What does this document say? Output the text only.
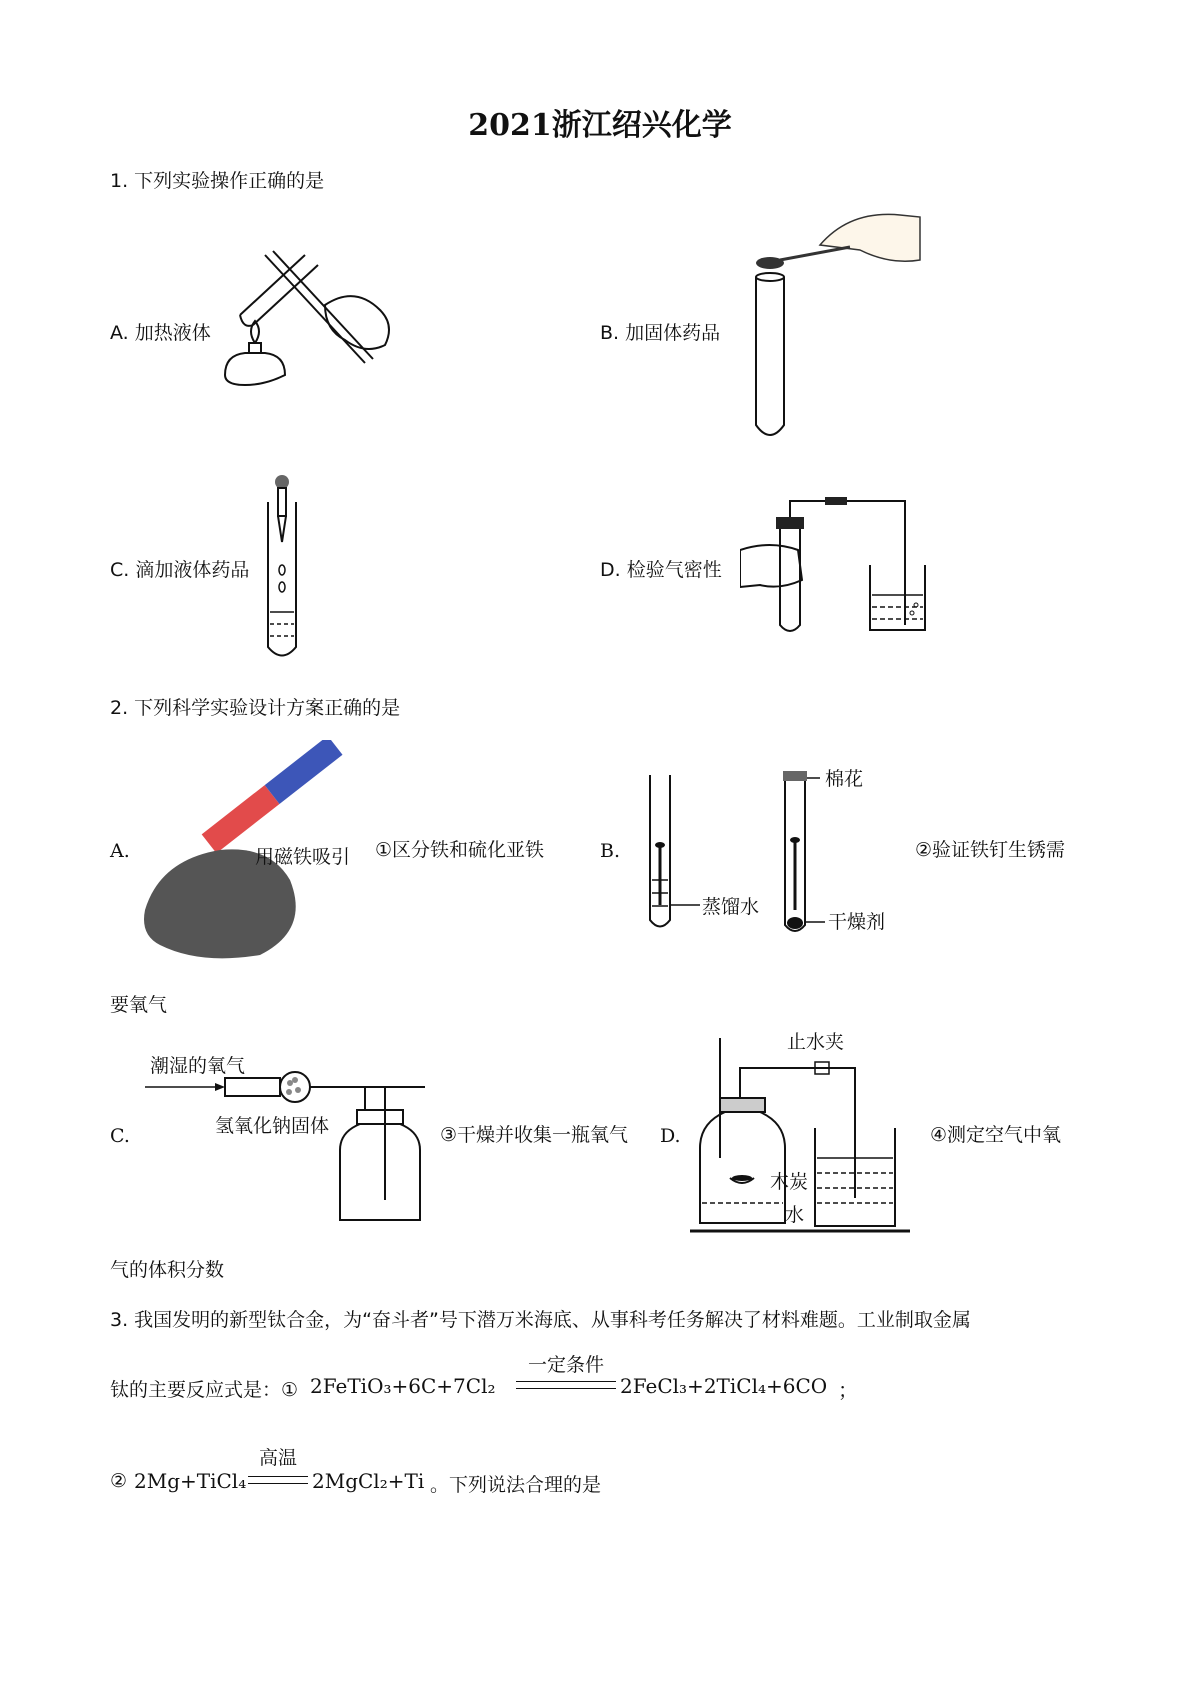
2021浙江绍兴化学
1. 下列实验操作正确的是
A. 加热液体	B. 加固体药品
C. 滴加液体药品	D. 检验气密性
2. 下列科学实验设计方案正确的是
A.	用磁铁吸引 ①区分铁和硫化亚铁	B.
蒸馏水
棉花
干燥剂
②验证铁钉生锈需
要氧气
C.
潮湿的氧气
氢氧化钠固体	③干燥并收集一瓶氧气 D.
止水夹
木炭
水
④测定空气中氧
气的体积分数
3. 我国发明的新型钛合金，为“奋斗者”号下潜万米海底、从事科考任务解决了材料难题。工业制取金属
钛的主要反应式是：① 2FeTiO₃+6C+7Cl₂
一定条件
2FeCl₃+2TiCl₄+6CO ；
② 2Mg+TiCl₄
高温
2MgCl₂+Ti 。下列说法合理的是
